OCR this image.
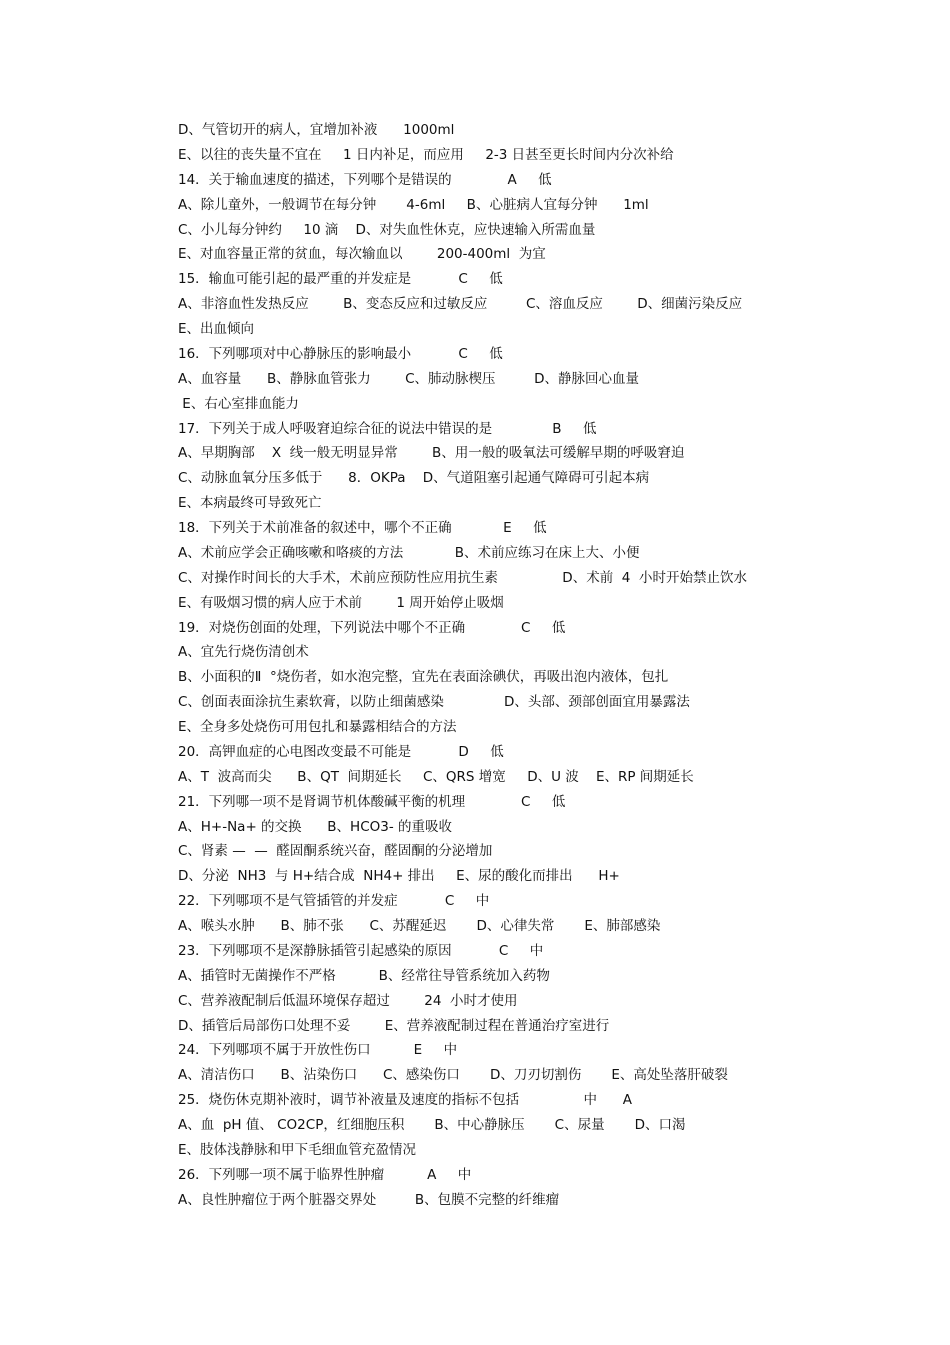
D、气管切开的病人，宜增加补液      1000ml
E、以往的丧失量不宜在     1 日内补足，而应用     2-3 日甚至更长时间内分次补给
14．关于输血速度的描述，下列哪个是错误的             A     低
A、除儿童外，一般调节在每分钟       4-6ml     B、心脏病人宜每分钟      1ml
C、小儿每分钟约     10 滴    D、对失血性休克，应快速输入所需血量
E、对血容量正常的贫血，每次输血以        200-400ml  为宜
15．输血可能引起的最严重的并发症是           C     低
A、非溶血性发热反应        B、变态反应和过敏反应         C、溶血反应        D、细菌污染反应
E、出血倾向
16．下列哪项对中心静脉压的影响最小           C     低
A、血容量      B、静脉血管张力        C、肺动脉楔压         D、静脉回心血量
E、右心室排血能力
17．下列关于成人呼吸窘迫综合征的说法中错误的是              B     低
A、早期胸部    X  线一般无明显异常        B、用一般的吸氧法可缓解早期的呼吸窘迫
C、动脉血氧分压多低于      8．OKPa    D、气道阻塞引起通气障碍可引起本病
E、本病最终可导致死亡
18．下列关于术前准备的叙述中，哪个不正确            E     低
A、术前应学会正确咳嗽和咯痰的方法            B、术前应练习在床上大、小便
C、对操作时间长的大手术，术前应预防性应用抗生素               D、术前  4  小时开始禁止饮水
E、有吸烟习惯的病人应于术前        1 周开始停止吸烟
19．对烧伤创面的处理，下列说法中哪个不正确             C     低
A、宜先行烧伤清创术
B、小面积的Ⅱ  °烧伤者，如水泡完整，宜先在表面涂碘伏，再吸出泡内液体，包扎
C、创面表面涂抗生素软膏，以防止细菌感染              D、头部、颈部创面宜用暴露法
E、全身多处烧伤可用包扎和暴露相结合的方法
20．高钾血症的心电图改变最不可能是           D     低
A、T  波高而尖      B、QT  间期延长     C、QRS 增宽     D、U 波    E、RP 间期延长
21．下列哪一项不是肾调节机体酸碱平衡的机理             C     低
A、H+-Na+ 的交换      B、HCO3- 的重吸收
C、肾素 —  —  醛固酮系统兴奋，醛固酮的分泌增加
D、分泌  NH3  与 H+结合成  NH4+ 排出     E、尿的酸化而排出      H+
22．下列哪项不是气管插管的并发症           C     中
A、喉头水肿      B、肺不张      C、苏醒延迟       D、心律失常       E、肺部感染
23．下列哪项不是深静脉插管引起感染的原因           C     中
A、插管时无菌操作不严格          B、经常往导管系统加入药物
C、营养液配制后低温环境保存超过        24  小时才使用
D、插管后局部伤口处理不妥        E、营养液配制过程在普通治疗室进行
24．下列哪项不属于开放性伤口          E     中
A、清洁伤口      B、沾染伤口      C、感染伤口       D、刀刃切割伤       E、高处坠落肝破裂
25．烧伤休克期补液时，调节补液量及速度的指标不包括               中      A
A、血  pH 值、 CO2CP，红细胞压积       B、中心静脉压       C、尿量       D、口渴
E、肢体浅静脉和甲下毛细血管充盈情况
26．下列哪一项不属于临界性肿瘤          A     中
A、良性肿瘤位于两个脏器交界处         B、包膜不完整的纤维瘤
